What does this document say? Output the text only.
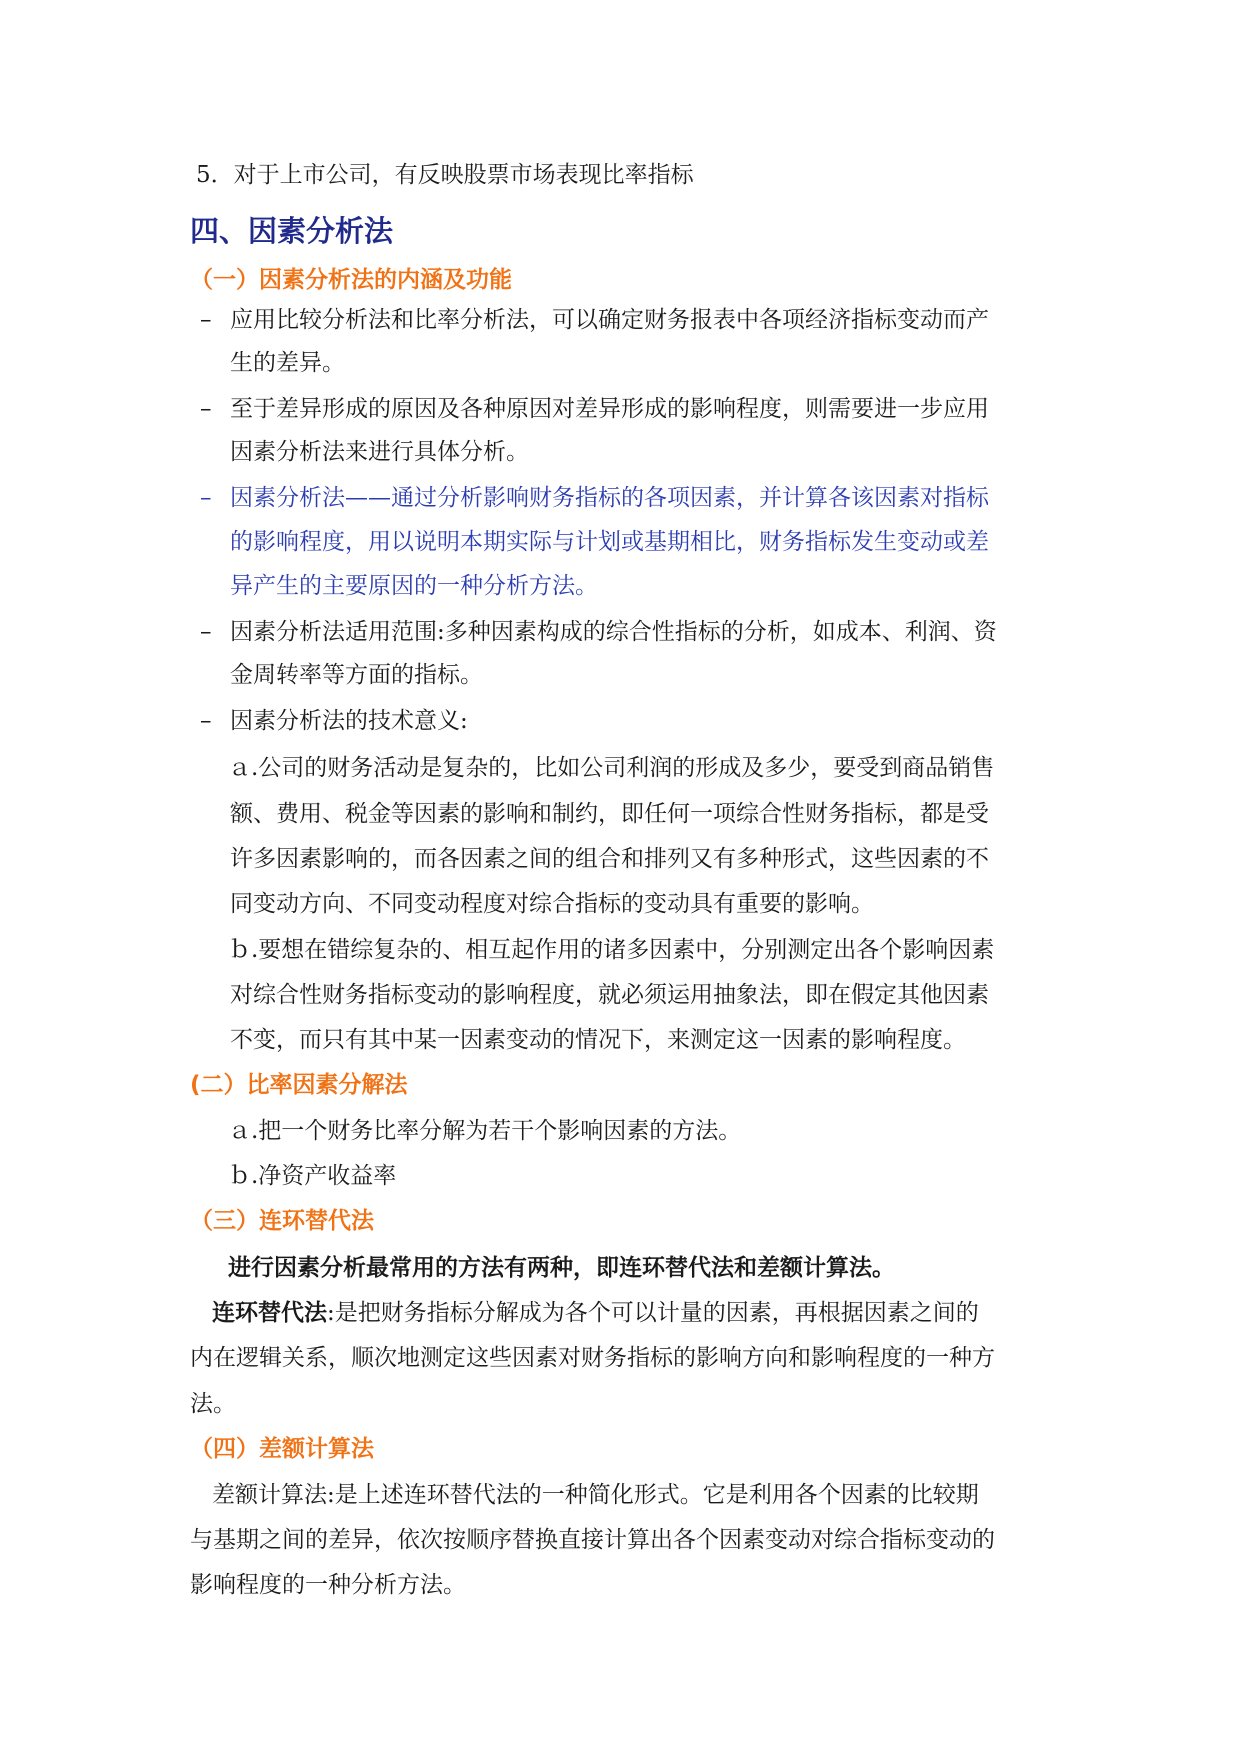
5．对于上市公司，有反映股票市场表现比率指标
四、因素分析法
（一）因素分析法的内涵及功能
– 应用比较分析法和比率分析法，可以确定财务报表中各项经济指标变动而产
生的差异。
– 至于差异形成的原因及各种原因对差异形成的影响程度，则需要进一步应用
因素分析法来进行具体分析。
– 因素分析法——通过分析影响财务指标的各项因素，并计算各该因素对指标
的影响程度，用以说明本期实际与计划或基期相比，财务指标发生变动或差
异产生的主要原因的一种分析方法。
– 因素分析法适用范围:多种因素构成的综合性指标的分析，如成本、利润、资
金周转率等方面的指标。
– 因素分析法的技术意义:
ａ.公司的财务活动是复杂的，比如公司利润的形成及多少，要受到商品销售
额、费用、税金等因素的影响和制约，即任何一项综合性财务指标，都是受
许多因素影响的，而各因素之间的组合和排列又有多种形式，这些因素的不
同变动方向、不同变动程度对综合指标的变动具有重要的影响。
ｂ.要想在错综复杂的、相互起作用的诸多因素中，分别测定出各个影响因素
对综合性财务指标变动的影响程度，就必须运用抽象法，即在假定其他因素
不变，而只有其中某一因素变动的情况下，来测定这一因素的影响程度。
(二）比率因素分解法
ａ.把一个财务比率分解为若干个影响因素的方法。
ｂ.净资产收益率
（三）连环替代法
进行因素分析最常用的方法有两种，即连环替代法和差额计算法。
连环替代法:是把财务指标分解成为各个可以计量的因素，再根据因素之间的
内在逻辑关系，顺次地测定这些因素对财务指标的影响方向和影响程度的一种方
法。
（四）差额计算法
差额计算法:是上述连环替代法的一种简化形式。它是利用各个因素的比较期
与基期之间的差异，依次按顺序替换直接计算出各个因素变动对综合指标变动的
影响程度的一种分析方法。
